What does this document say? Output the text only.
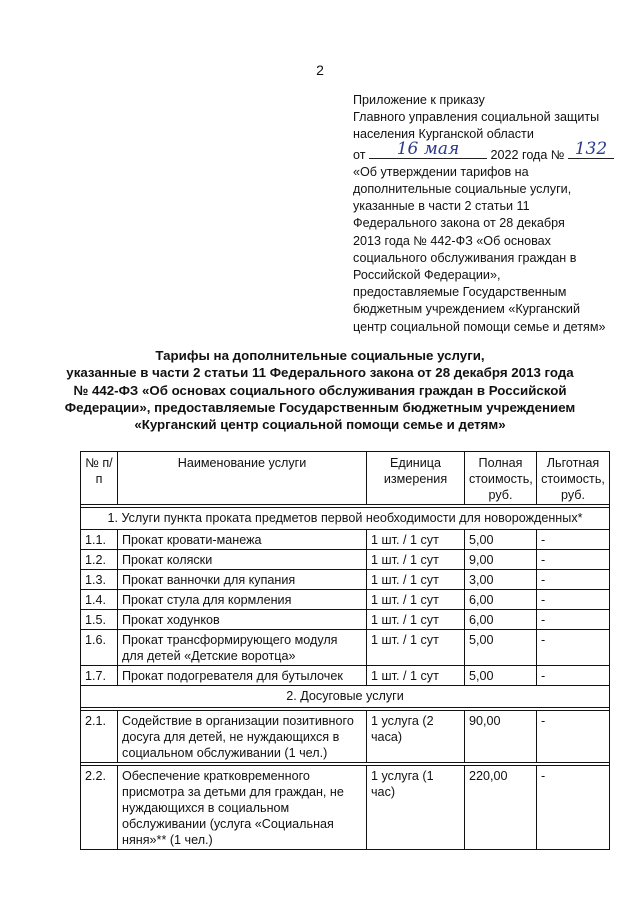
2
Приложение к приказу
Главного управления социальной защиты
населения Курганской области
от	16 мая	2022 года № 132
«Об утверждении тарифов на
дополнительные социальные услуги,
указанные в части 2 статьи 11
Федерального закона от 28 декабря
2013 года № 442-ФЗ «Об основах
социального обслуживания граждан в
Российской Федерации»,
предоставляемые Государственным
бюджетным учреждением «Курганский
центр социальной помощи семье и детям»
Тарифы на дополнительные социальные услуги,
указанные в части 2 статьи 11 Федерального закона от 28 декабря 2013 года
№ 442-ФЗ «Об основах социального обслуживания граждан в Российской
Федерации», предоставляемые Государственным бюджетным учреждением
«Курганский центр социальной помощи семье и детям»
№ п/п	Наименование услуги	Единица измерения	Полная стоимость, руб.	Льготная стоимость, руб.

1. Услуги пункта проката предметов первой необходимости для новорожденных*				
1.1.	Прокат кровати-манежа	1 шт. / 1 сут	5,00	-
1.2.	Прокат коляски	1 шт. / 1 сут	9,00	-
1.3.	Прокат ванночки для купания	1 шт. / 1 сут	3,00	-
1.4.	Прокат стула для кормления	1 шт. / 1 сут	6,00	-
1.5.	Прокат ходунков	1 шт. / 1 сут	6,00	-
1.6.	Прокат трансформирующего модуля для детей «Детские воротца»	1 шт. / 1 сут	5,00	-
1.7.	Прокат подогревателя для бутылочек	1 шт. / 1 сут	5,00	-
2. Досуговые услуги				

2.1.	Содействие в организации позитивного досуга для детей, не нуждающихся в социальном обслуживании (1 чел.)	1 услуга (2 часа)	90,00	-

2.2.	Обеспечение кратковременного присмотра за детьми для граждан, не нуждающихся в социальном обслуживании (услуга «Социальная няня»** (1 чел.)	1 услуга (1 час)	220,00	-
